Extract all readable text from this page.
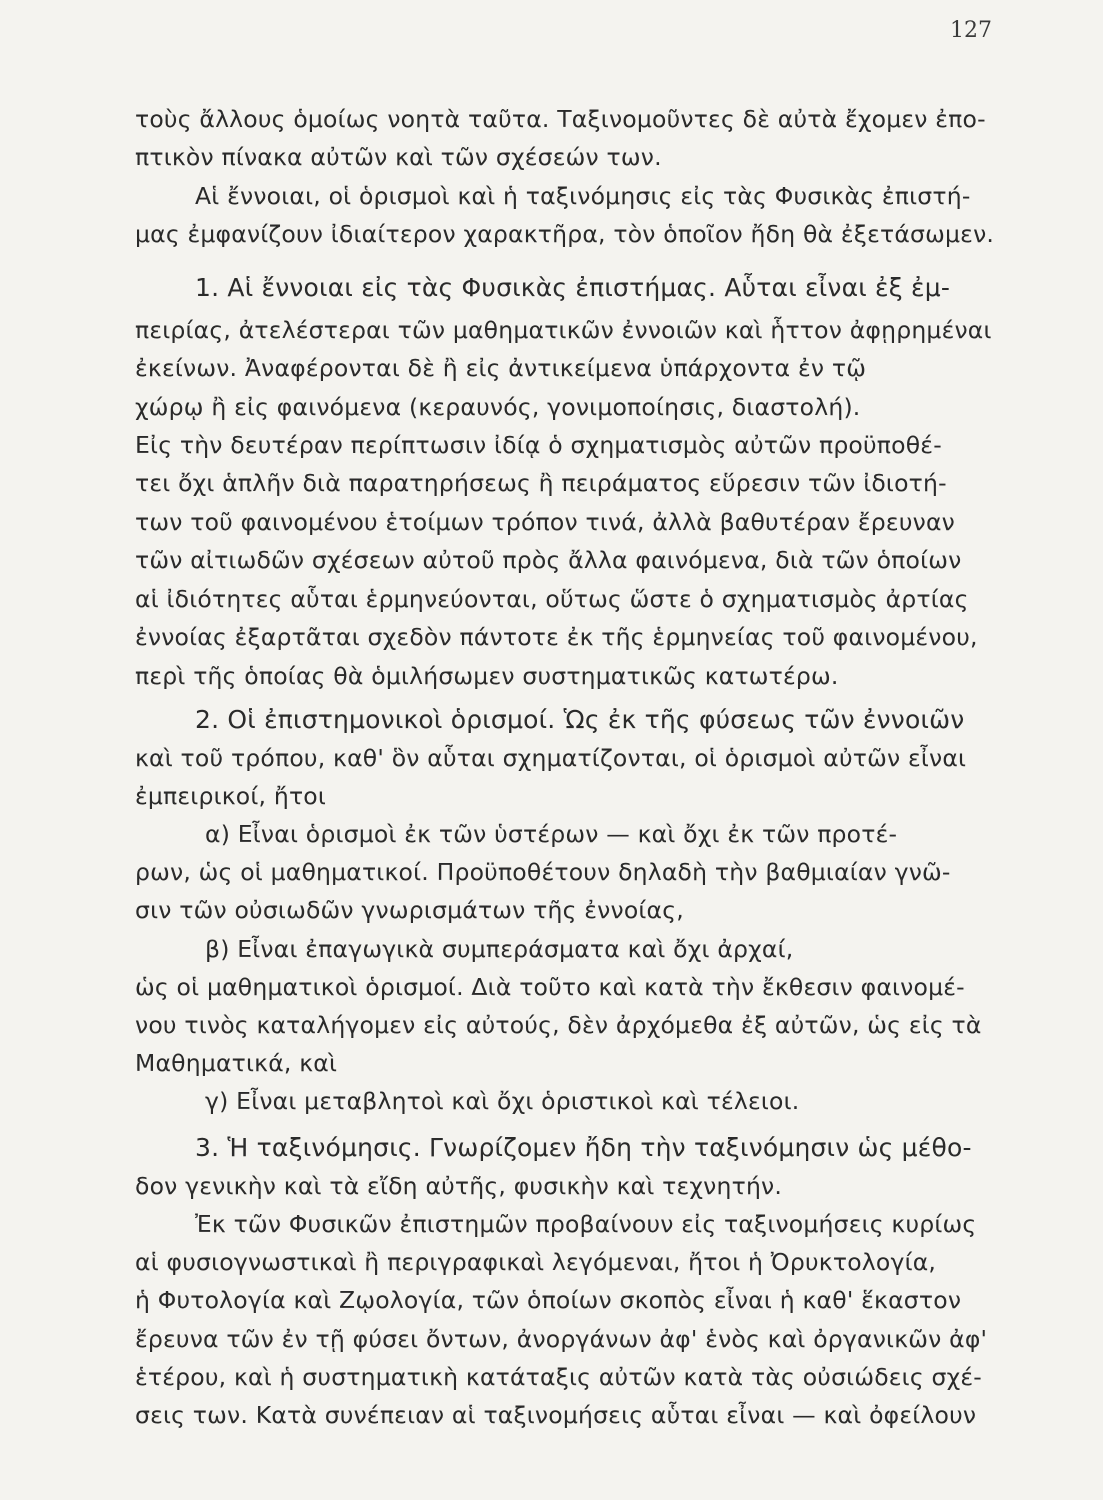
127
τοὺς ἄλλους ὁμοίως νοητὰ ταῦτα. Ταξινομοῦντες δὲ αὐτὰ ἔχομεν ἐπο-
πτικὸν πίνακα αὐτῶν καὶ τῶν σχέσεών των.
Αἱ ἔννοιαι, οἱ ὁρισμοὶ καὶ ἡ ταξινόμησις εἰς τὰς Φυσικὰς ἐπιστή-
μας ἐμφανίζουν ἰδιαίτερον χαρακτῆρα, τὸν ὁποῖον ἤδη θὰ ἐξετάσωμεν.
1. Αἱ ἔννοιαι εἰς τὰς Φυσικὰς ἐπιστήμας. Αὗται εἶναι ἐξ ἐμ-
πειρίας, ἀτελέστεραι τῶν μαθηματικῶν ἐννοιῶν καὶ ἧττον ἀφῃρημέναι
ἐκείνων. Ἀναφέρονται δὲ ἢ εἰς ἀντικείμενα ὑπάρχοντα ἐν τῷ
χώρῳ ἢ εἰς φαινόμενα (κεραυνός, γονιμοποίησις, διαστολή).
Εἰς τὴν δευτέραν περίπτωσιν ἰδίᾳ ὁ σχηματισμὸς αὐτῶν προϋποθέ-
τει ὄχι ἁπλῆν διὰ παρατηρήσεως ἢ πειράματος εὕρεσιν τῶν ἰδιοτή-
των τοῦ φαινομένου ἑτοίμων τρόπον τινά, ἀλλὰ βαθυτέραν ἔρευναν
τῶν αἰτιωδῶν σχέσεων αὐτοῦ πρὸς ἄλλα φαινόμενα, διὰ τῶν ὁποίων
αἱ ἰδιότητες αὗται ἑρμηνεύονται, οὕτως ὥστε ὁ σχηματισμὸς ἀρτίας
ἐννοίας ἐξαρτᾶται σχεδὸν πάντοτε ἐκ τῆς ἑρμηνείας τοῦ φαινομένου,
περὶ τῆς ὁποίας θὰ ὁμιλήσωμεν συστηματικῶς κατωτέρω.
2. Οἱ ἐπιστημονικοὶ ὁρισμοί. Ὡς ἐκ τῆς φύσεως τῶν ἐννοιῶν
καὶ τοῦ τρόπου, καθ' ὃν αὗται σχηματίζονται, οἱ ὁρισμοὶ αὐτῶν εἶναι
ἐμπειρικοί, ἤτοι
α) Εἶναι ὁρισμοὶ ἐκ τῶν ὑστέρων — καὶ ὄχι ἐκ τῶν προτέ-
ρων, ὡς οἱ μαθηματικοί. Προϋποθέτουν δηλαδὴ τὴν βαθμιαίαν γνῶ-
σιν τῶν οὐσιωδῶν γνωρισμάτων τῆς ἐννοίας,
β) Εἶναι ἐπαγωγικὰ συμπεράσματα καὶ ὄχι ἀρχαί,
ὡς οἱ μαθηματικοὶ ὁρισμοί. Διὰ τοῦτο καὶ κατὰ τὴν ἔκθεσιν φαινομέ-
νου τινὸς καταλήγομεν εἰς αὐτούς, δὲν ἀρχόμεθα ἐξ αὐτῶν, ὡς εἰς τὰ
Μαθηματικά, καὶ
γ) Εἶναι μεταβλητοὶ καὶ ὄχι ὁριστικοὶ καὶ τέλειοι.
3. Ἡ ταξινόμησις. Γνωρίζομεν ἤδη τὴν ταξινόμησιν ὡς μέθο-
δον γενικὴν καὶ τὰ εἴδη αὐτῆς, φυσικὴν καὶ τεχνητήν.
Ἐκ τῶν Φυσικῶν ἐπιστημῶν προβαίνουν εἰς ταξινομήσεις κυρίως
αἱ φυσιογνωστικαὶ ἢ περιγραφικαὶ λεγόμεναι, ἤτοι ἡ Ὀρυκτολογία,
ἡ Φυτολογία καὶ Ζῳολογία, τῶν ὁποίων σκοπὸς εἶναι ἡ καθ' ἕκαστον
ἔρευνα τῶν ἐν τῇ φύσει ὄντων, ἀνοργάνων ἀφ' ἑνὸς καὶ ὀργανικῶν ἀφ'
ἑτέρου, καὶ ἡ συστηματικὴ κατάταξις αὐτῶν κατὰ τὰς οὐσιώδεις σχέ-
σεις των. Κατὰ συνέπειαν αἱ ταξινομήσεις αὗται εἶναι — καὶ ὀφείλουν
